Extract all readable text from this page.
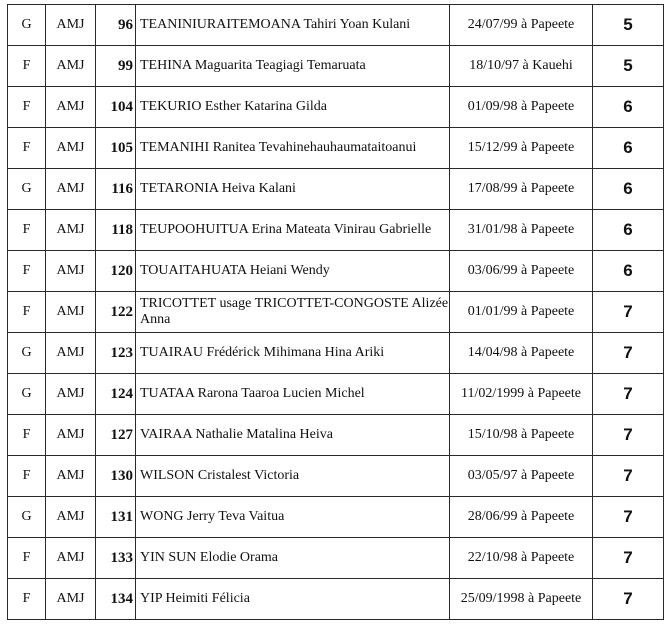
G	AMJ	96	TEANINIURAITEMOANA Tahiri Yoan Kulani	24/07/99 à Papeete	5
F	AMJ	99	TEHINA Maguarita Teagiagi Temaruata	18/10/97 à Kauehi	5
F	AMJ	104	TEKURIO Esther Katarina Gilda	01/09/98 à Papeete	6
F	AMJ	105	TEMANIHI Ranitea Tevahinehauhaumataitoanui	15/12/99 à Papeete	6
G	AMJ	116	TETARONIA Heiva Kalani	17/08/99 à Papeete	6
F	AMJ	118	TEUPOOHUITUA Erina Mateata Vinirau Gabrielle	31/01/98 à Papeete	6
F	AMJ	120	TOUAITAHUATA Heiani Wendy	03/06/99 à Papeete	6
F	AMJ	122	TRICOTTET usage TRICOTTET-CONGOSTE Alizée Anna	01/01/99 à Papeete	7
G	AMJ	123	TUAIRAU Frédérick Mihimana Hina Ariki	14/04/98 à Papeete	7
G	AMJ	124	TUATAA Rarona Taaroa Lucien Michel	11/02/1999 à Papeete	7
F	AMJ	127	VAIRAA Nathalie Matalina Heiva	15/10/98 à Papeete	7
F	AMJ	130	WILSON Cristalest Victoria	03/05/97 à Papeete	7
G	AMJ	131	WONG Jerry Teva Vaitua	28/06/99 à Papeete	7
F	AMJ	133	YIN SUN Elodie Orama	22/10/98 à Papeete	7
F	AMJ	134	YIP Heimiti Félicia	25/09/1998 à Papeete	7
